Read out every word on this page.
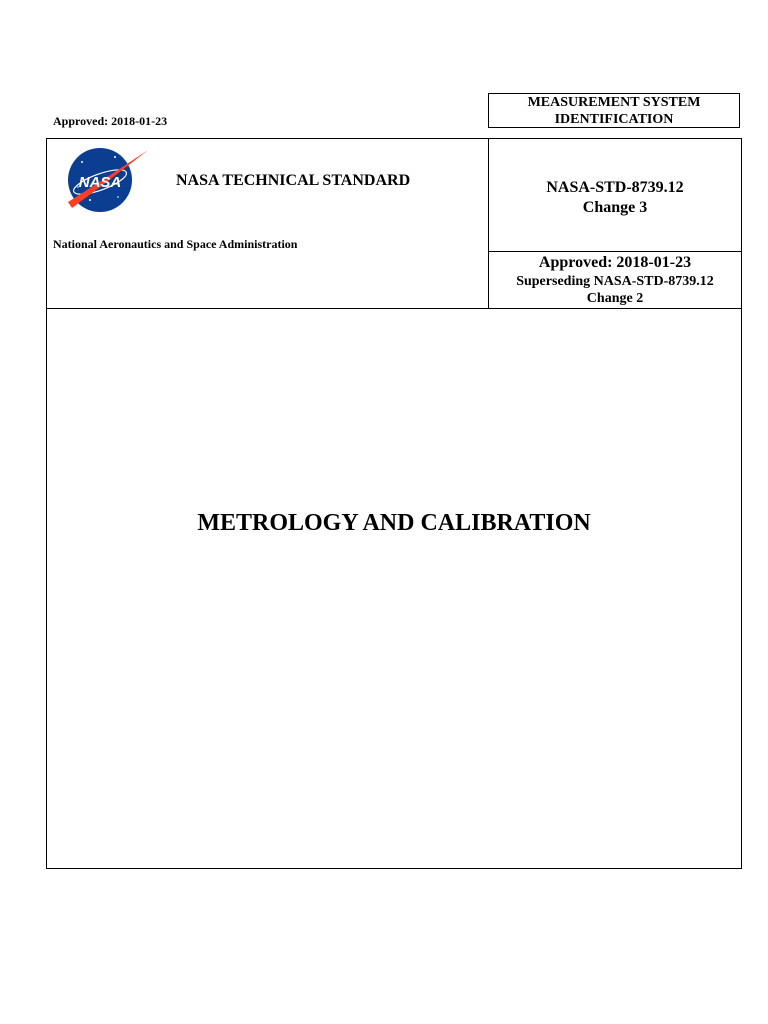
Approved: 2018-01-23
MEASUREMENT SYSTEM
IDENTIFICATION
NASA	NASA TECHNICAL STANDARD
National Aeronautics and Space Administration
NASA-STD-8739.12
Change 3
Approved: 2018-01-23
Superseding NASA-STD-8739.12
Change 2
METROLOGY AND CALIBRATION
